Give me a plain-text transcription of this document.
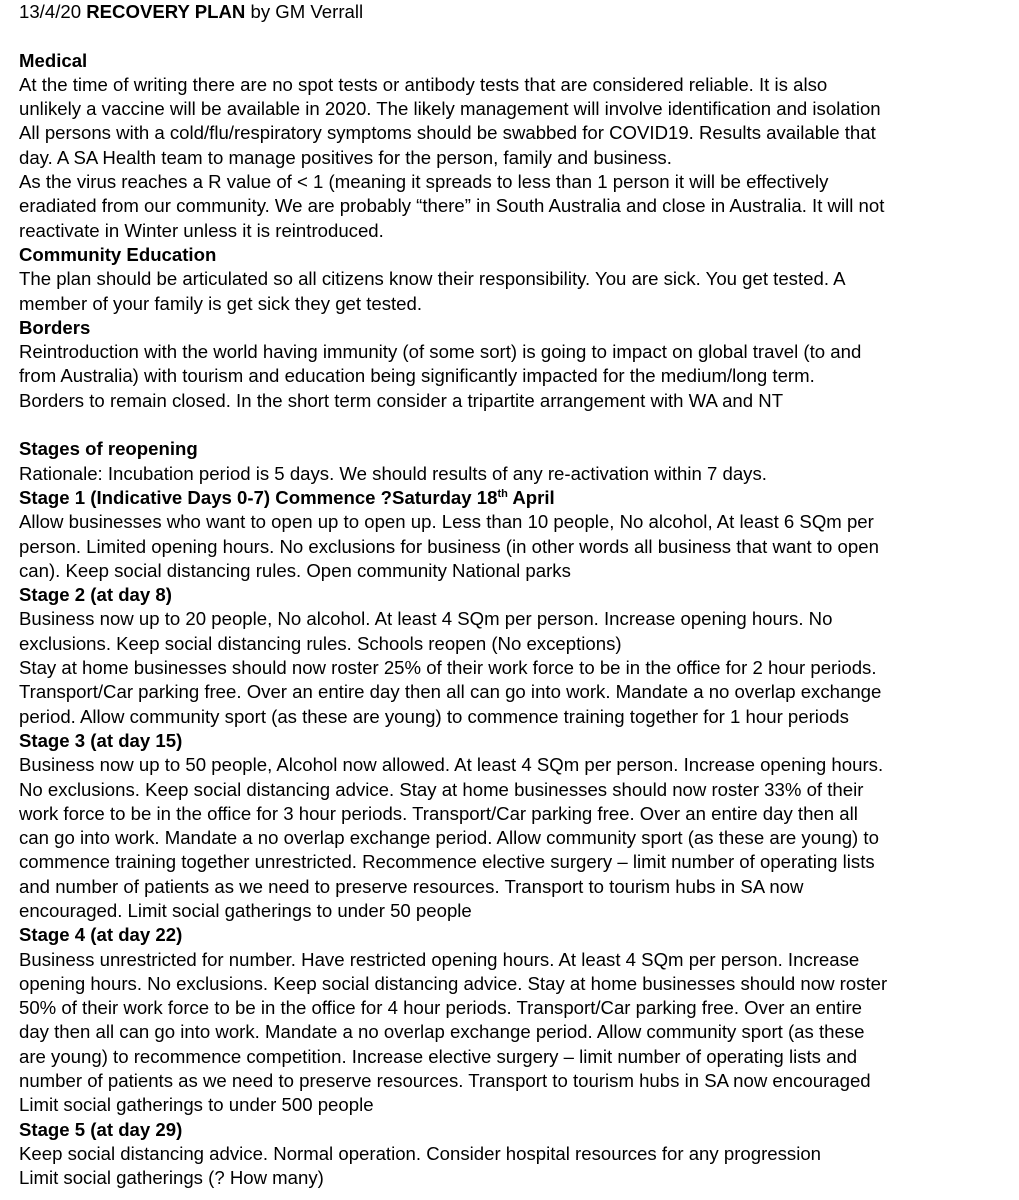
13/4/20 RECOVERY PLAN by GM Verrall
Medical
At the time of writing there are no spot tests or antibody tests that are considered reliable. It is also
unlikely a vaccine will be available in 2020. The likely management will involve identification and isolation
All persons with a cold/flu/respiratory symptoms should be swabbed for COVID19. Results available that
day. A SA Health team to manage positives for the person, family and business.
As the virus reaches a R value of < 1 (meaning it spreads to less than 1 person it will be effectively
eradiated from our community. We are probably “there” in South Australia and close in Australia. It will not
reactivate in Winter unless it is reintroduced.
Community Education
The plan should be articulated so all citizens know their responsibility. You are sick. You get tested. A
member of your family is get sick they get tested.
Borders
Reintroduction with the world having immunity (of some sort) is going to impact on global travel (to and
from Australia) with tourism and education being significantly impacted for the medium/long term.
Borders to remain closed. In the short term consider a tripartite arrangement with WA and NT
Stages of reopening
Rationale: Incubation period is 5 days. We should results of any re-activation within 7 days.
Stage 1 (Indicative Days 0-7) Commence ?Saturday 18th April
Allow businesses who want to open up to open up. Less than 10 people, No alcohol, At least 6 SQm per
person. Limited opening hours. No exclusions for business (in other words all business that want to open
can). Keep social distancing rules. Open community National parks
Stage 2 (at day 8)
Business now up to 20 people, No alcohol. At least 4 SQm per person. Increase opening hours. No
exclusions. Keep social distancing rules. Schools reopen (No exceptions)
Stay at home businesses should now roster 25% of their work force to be in the office for 2 hour periods.
Transport/Car parking free. Over an entire day then all can go into work. Mandate a no overlap exchange
period. Allow community sport (as these are young) to commence training together for 1 hour periods
Stage 3 (at day 15)
Business now up to 50 people, Alcohol now allowed. At least 4 SQm per person. Increase opening hours.
No exclusions. Keep social distancing advice. Stay at home businesses should now roster 33% of their
work force to be in the office for 3 hour periods. Transport/Car parking free. Over an entire day then all
can go into work. Mandate a no overlap exchange period. Allow community sport (as these are young) to
commence training together unrestricted. Recommence elective surgery – limit number of operating lists
and number of patients as we need to preserve resources. Transport to tourism hubs in SA now
encouraged. Limit social gatherings to under 50 people
Stage 4 (at day 22)
Business unrestricted for number. Have restricted opening hours. At least 4 SQm per person. Increase
opening hours. No exclusions. Keep social distancing advice. Stay at home businesses should now roster
50% of their work force to be in the office for 4 hour periods. Transport/Car parking free. Over an entire
day then all can go into work. Mandate a no overlap exchange period. Allow community sport (as these
are young) to recommence competition. Increase elective surgery – limit number of operating lists and
number of patients as we need to preserve resources. Transport to tourism hubs in SA now encouraged
Limit social gatherings to under 500 people
Stage 5 (at day 29)
Keep social distancing advice. Normal operation. Consider hospital resources for any progression
Limit social gatherings (? How many)
